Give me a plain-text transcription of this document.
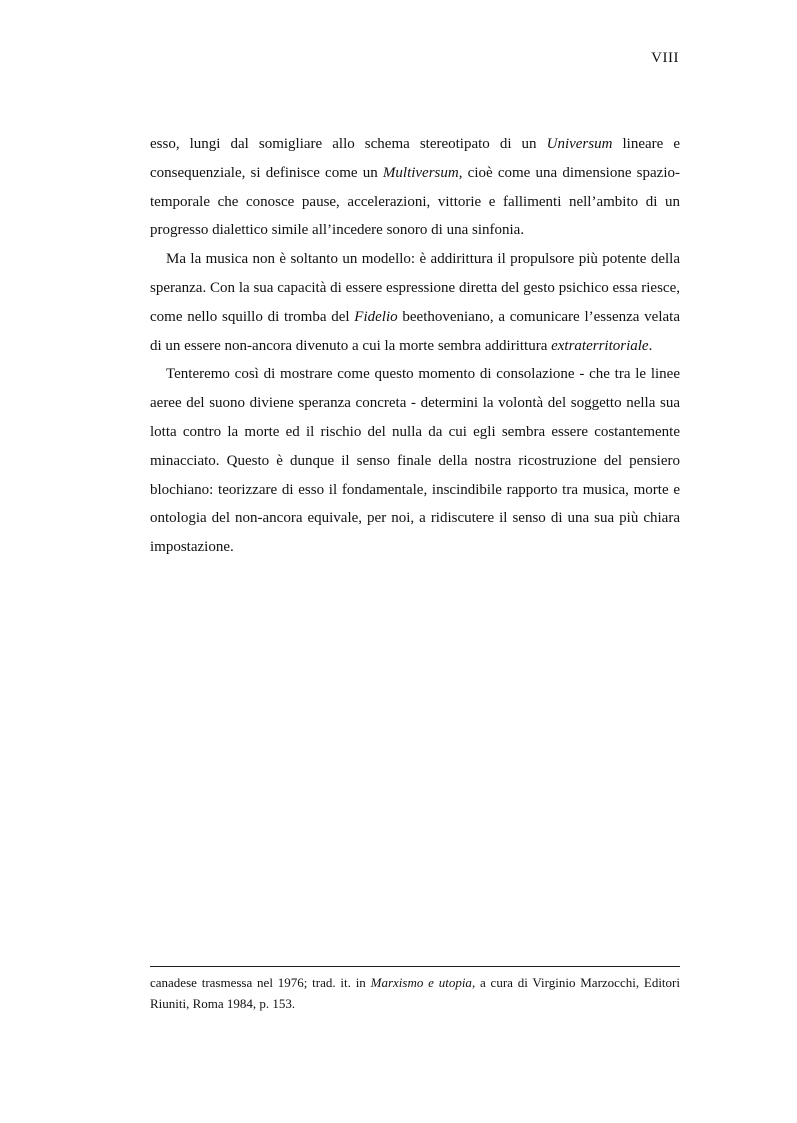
VIII

esso, lungi dal somigliare allo schema stereotipato di un Universum lineare e consequenziale, si definisce come un Multiversum, cioè come una dimensione spazio-temporale che conosce pause, accelerazioni, vittorie e fallimenti nell’ambito di un progresso dialettico simile all’incedere sonoro di una sinfonia.

Ma la musica non è soltanto un modello: è addirittura il propulsore più potente della speranza. Con la sua capacità di essere espressione diretta del gesto psichico essa riesce, come nello squillo di tromba del Fidelio beethoveniano, a comunicare l’essenza velata di un essere non-ancora divenuto a cui la morte sembra addirittura extraterritoriale.

Tenteremo così di mostrare come questo momento di consolazione - che tra le linee aeree del suono diviene speranza concreta - determini la volontà del soggetto nella sua lotta contro la morte ed il rischio del nulla da cui egli sembra essere costantemente minacciato. Questo è dunque il senso finale della nostra ricostruzione del pensiero blochiano: teorizzare di esso il fondamentale, inscindibile rapporto tra musica, morte e ontologia del non-ancora equivale, per noi, a ridiscutere il senso di una sua più chiara impostazione.

canadese trasmessa nel 1976; trad. it. in Marxismo e utopia, a cura di Virginio Marzocchi, Editori Riuniti, Roma 1984, p. 153.
